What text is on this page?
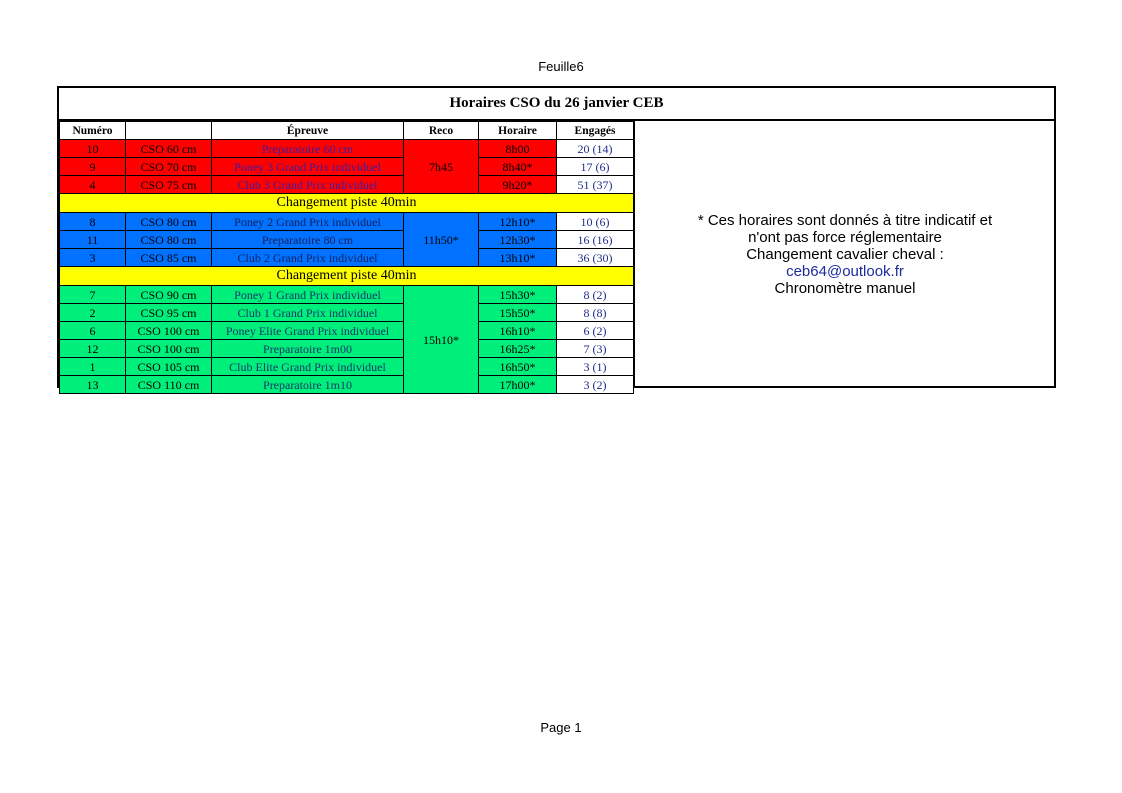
Feuille6
Horaires CSO du 26 janvier CEB
Numéro		Épreuve	Reco	Horaire	Engagés
10	CSO 60 cm	Preparatoire 60 cm	7h45	8h00	20 (14)
9	CSO 70 cm	Poney 3 Grand Prix individuel		8h40*	17 (6)
4	CSO 75 cm	Club 3 Grand Prix individuel		9h20*	51 (37)
Changement piste 40min					
8	CSO 80 cm	Poney 2 Grand Prix individuel	11h50*	12h10*	10 (6)
11	CSO 80 cm	Preparatoire 80 cm		12h30*	16 (16)
3	CSO 85 cm	Club 2 Grand Prix individuel		13h10*	36 (30)
Changement piste 40min					
7	CSO 90 cm	Poney 1 Grand Prix individuel	15h10*	15h30*	8 (2)
2	CSO 95 cm	Club 1 Grand Prix individuel		15h50*	8 (8)
6	CSO 100 cm	Poney Elite Grand Prix individuel		16h10*	6 (2)
12	CSO 100 cm	Preparatoire 1m00		16h25*	7 (3)
1	CSO 105 cm	Club Elite Grand Prix individuel		16h50*	3 (1)
13	CSO 110 cm	Preparatoire 1m10		17h00*	3 (2)
* Ces horaires sont donnés à titre indicatif et
n'ont pas force réglementaire
Changement cavalier cheval :
ceb64@outlook.fr
Chronomètre manuel
Page 1
